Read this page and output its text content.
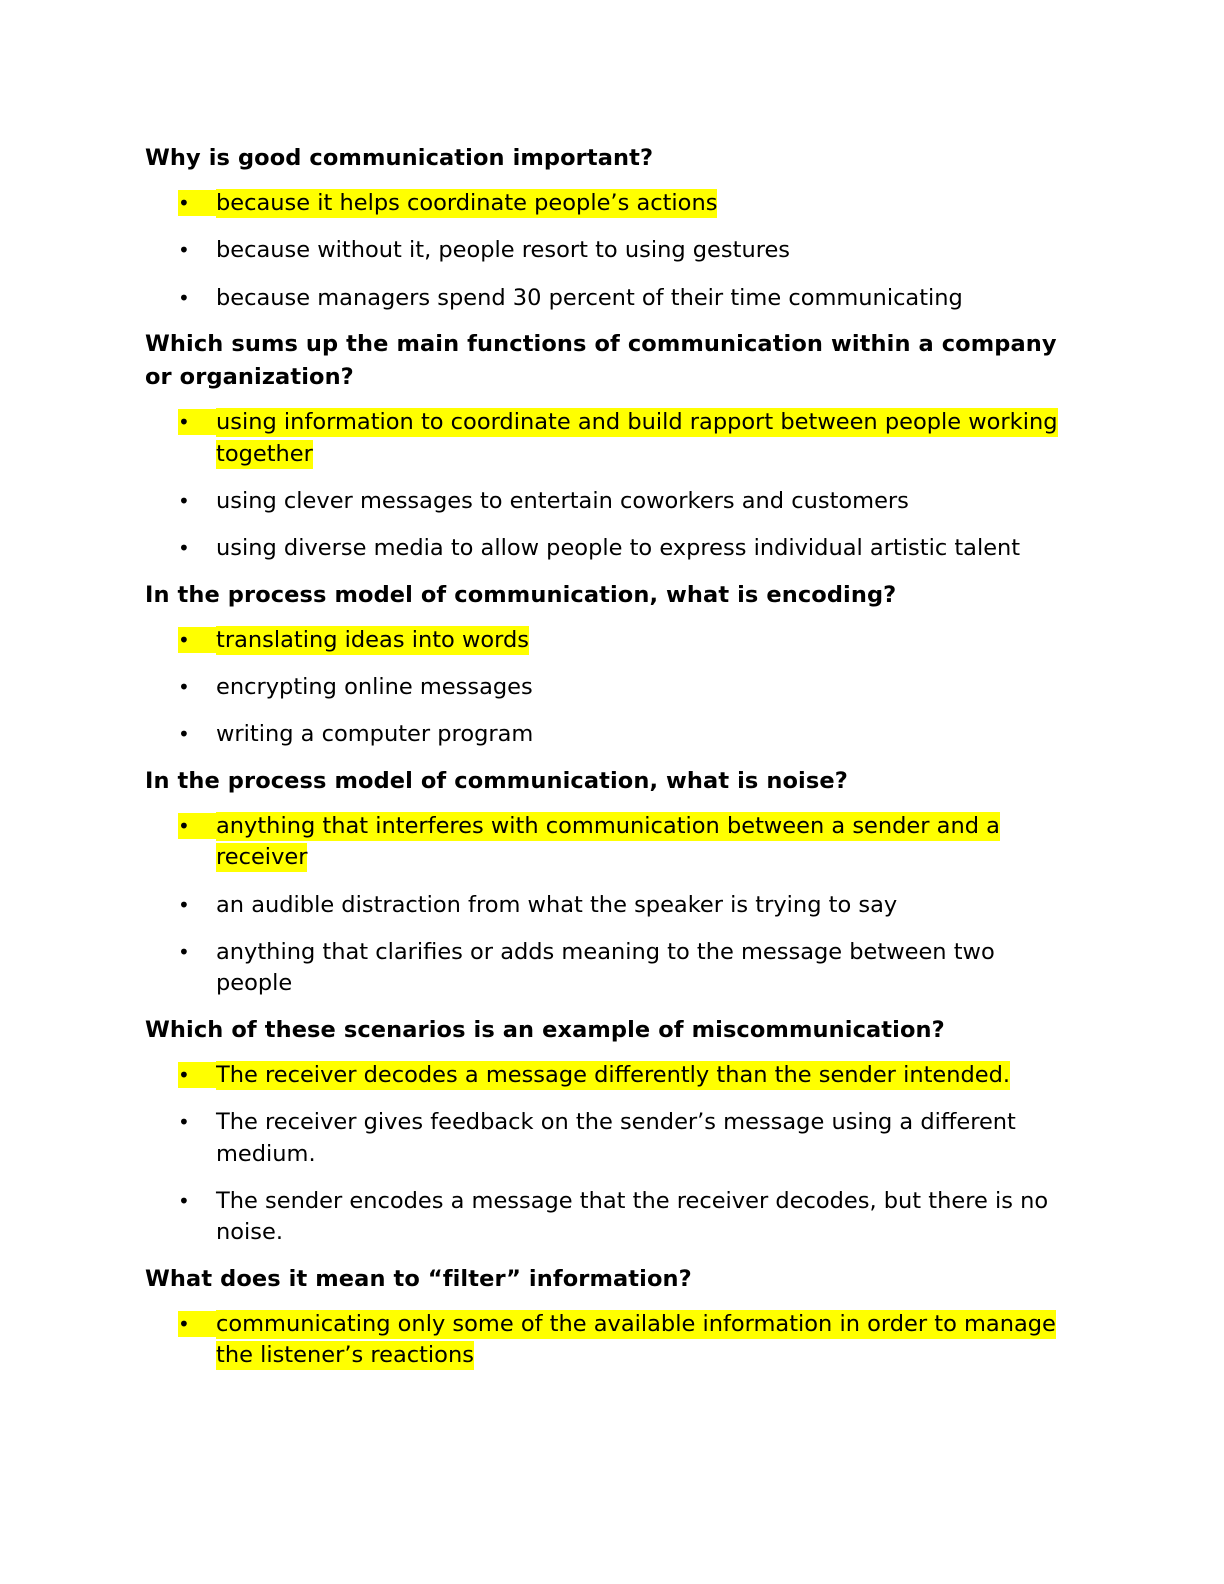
Why is good communication important?

•	because it helps coordinate people’s actions
• because without it, people resort to using gestures
• because managers spend 30 percent of their time communicating

Which sums up the main functions of communication within a company or organization?

•	using information to coordinate and build rapport between people working together
• using clever messages to entertain coworkers and customers
• using diverse media to allow people to express individual artistic talent

In the process model of communication, what is encoding?

•	translating ideas into words
• encrypting online messages
• writing a computer program

In the process model of communication, what is noise?

•	anything that interferes with communication between a sender and a receiver
• an audible distraction from what the speaker is trying to say
• anything that clarifies or adds meaning to the message between two people

Which of these scenarios is an example of miscommunication?

•	The receiver decodes a message differently than the sender intended.
• The receiver gives feedback on the sender’s message using a different medium.
• The sender encodes a message that the receiver decodes, but there is no noise.

What does it mean to “filter” information?

•	communicating only some of the available information in order to manage the listener’s reactions
